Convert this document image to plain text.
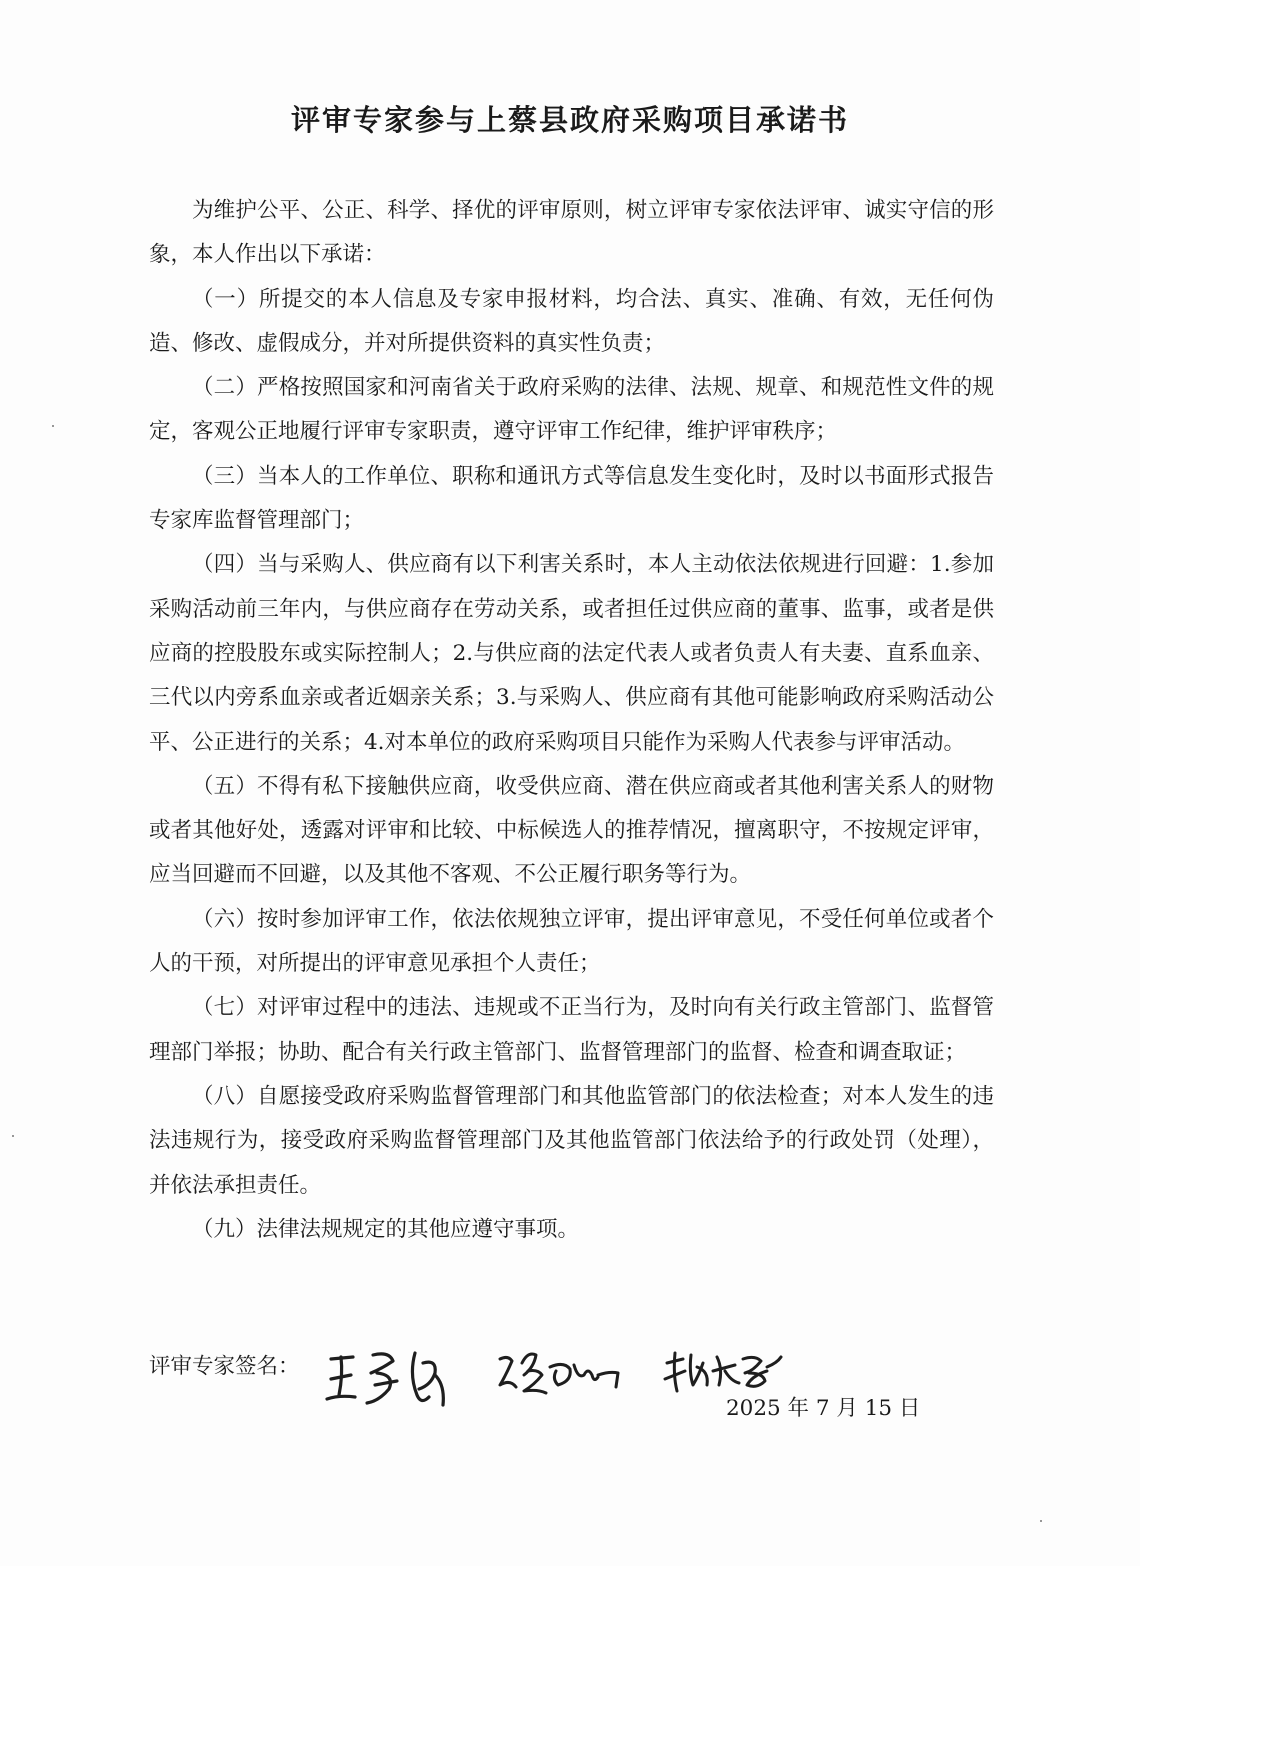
评审专家参与上蔡县政府采购项目承诺书

为维护公平、公正、科学、择优的评审原则，树立评审专家依法评审、诚实守信的形象，本人作出以下承诺：

（一）所提交的本人信息及专家申报材料，均合法、真实、准确、有效，无任何伪造、修改、虚假成分，并对所提供资料的真实性负责；

（二）严格按照国家和河南省关于政府采购的法律、法规、规章、和规范性文件的规定，客观公正地履行评审专家职责，遵守评审工作纪律，维护评审秩序；

（三）当本人的工作单位、职称和通讯方式等信息发生变化时，及时以书面形式报告专家库监督管理部门；

（四）当与采购人、供应商有以下利害关系时，本人主动依法依规进行回避：1.参加采购活动前三年内，与供应商存在劳动关系，或者担任过供应商的董事、监事，或者是供应商的控股股东或实际控制人；2.与供应商的法定代表人或者负责人有夫妻、直系血亲、三代以内旁系血亲或者近姻亲关系；3.与采购人、供应商有其他可能影响政府采购活动公平、公正进行的关系；4.对本单位的政府采购项目只能作为采购人代表参与评审活动。

（五）不得有私下接触供应商，收受供应商、潜在供应商或者其他利害关系人的财物或者其他好处，透露对评审和比较、中标候选人的推荐情况，擅离职守，不按规定评审，应当回避而不回避，以及其他不客观、不公正履行职务等行为。

（六）按时参加评审工作，依法依规独立评审，提出评审意见，不受任何单位或者个人的干预，对所提出的评审意见承担个人责任；

（七）对评审过程中的违法、违规或不正当行为，及时向有关行政主管部门、监督管理部门举报；协助、配合有关行政主管部门、监督管理部门的监督、检查和调查取证；

（八）自愿接受政府采购监督管理部门和其他监管部门的依法检查；对本人发生的违法违规行为，接受政府采购监督管理部门及其他监管部门依法给予的行政处罚（处理），并依法承担责任。

（九）法律法规规定的其他应遵守事项。

评审专家签名：
2025 年 7 月 15 日
